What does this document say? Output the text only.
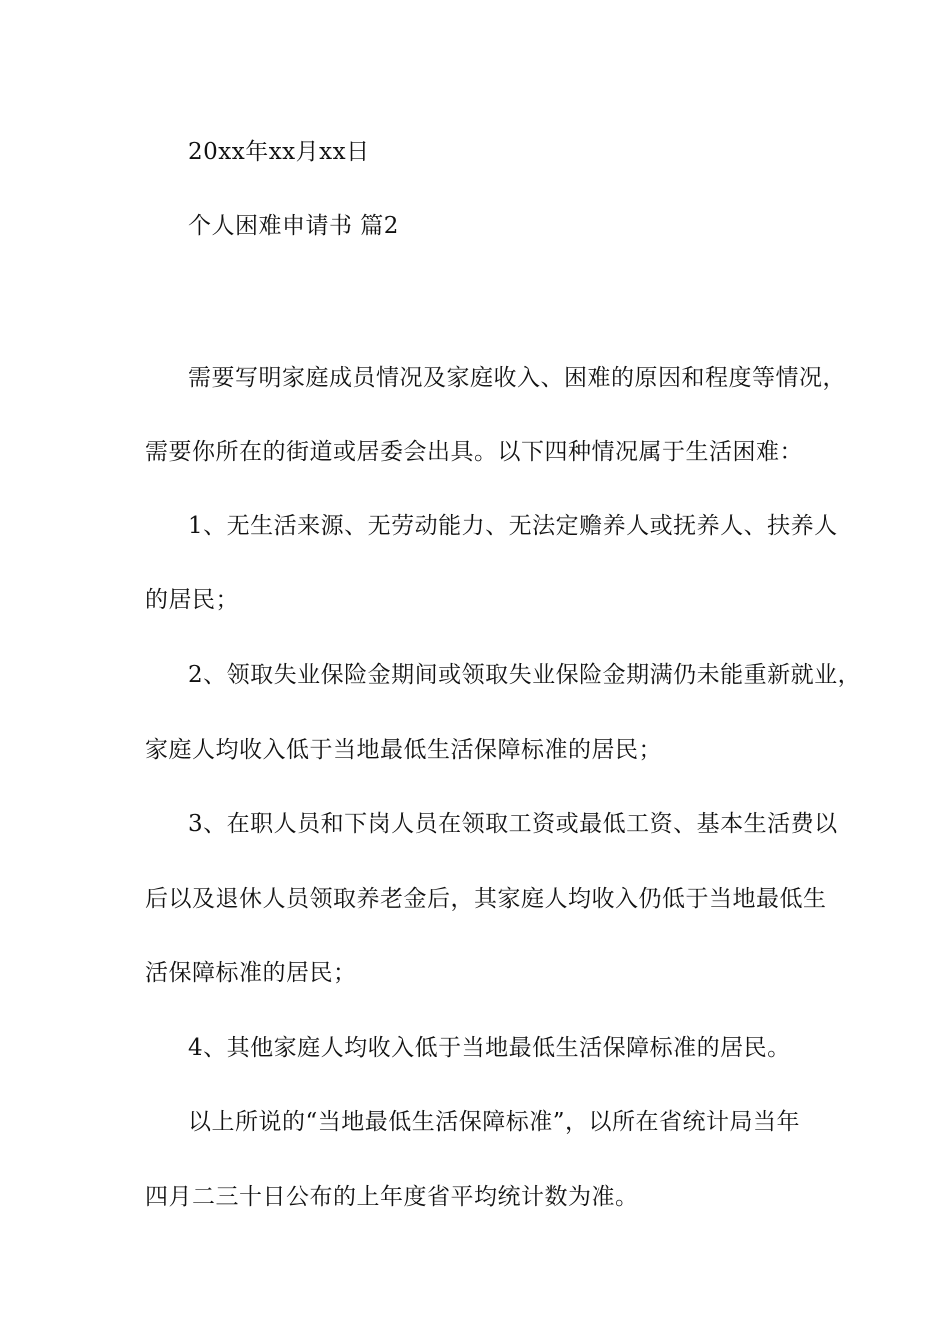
20xx年xx月xx日
个人困难申请书 篇2
需要写明家庭成员情况及家庭收入、困难的原因和程度等情况，
需要你所在的街道或居委会出具。以下四种情况属于生活困难：
1、无生活来源、无劳动能力、无法定赡养人或抚养人、扶养人
的居民；
2、领取失业保险金期间或领取失业保险金期满仍未能重新就业，
家庭人均收入低于当地最低生活保障标准的居民；
3、在职人员和下岗人员在领取工资或最低工资、基本生活费以
后以及退休人员领取养老金后，其家庭人均收入仍低于当地最低生
活保障标准的居民；
4、其他家庭人均收入低于当地最低生活保障标准的居民。
以上所说的“当地最低生活保障标准”，以所在省统计局当年
四月二三十日公布的上年度省平均统计数为准。
